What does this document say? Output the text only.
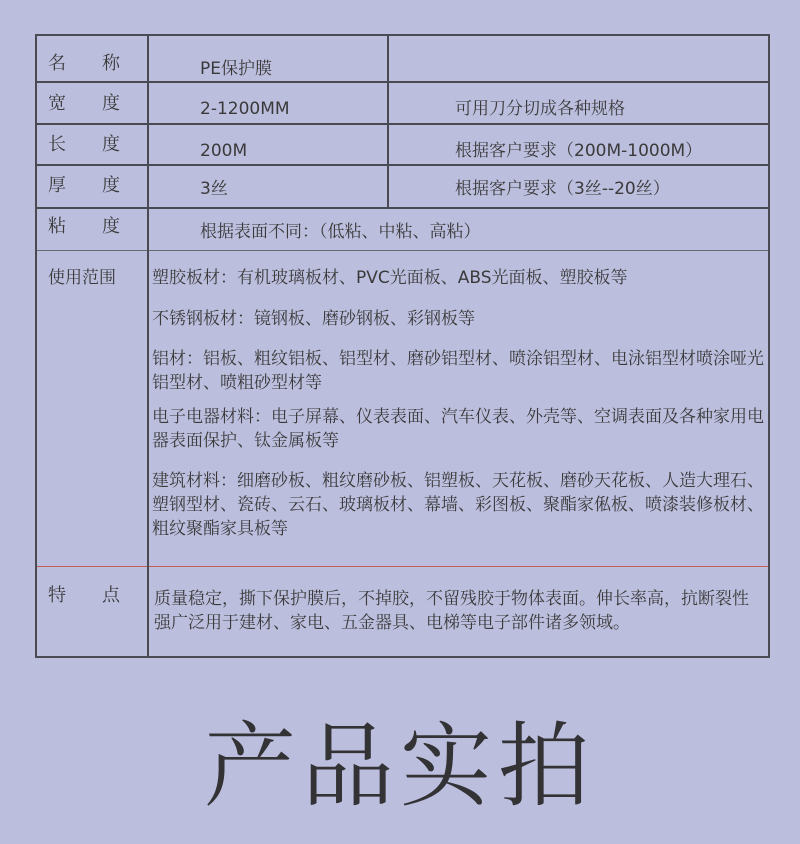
名 称	PE保护膜
宽 度	2-1200MM	可用刀分切成各种规格
长 度	200M	根据客户要求（200M-1000M）
厚 度	3丝	根据客户要求（3丝--20丝）
粘 度	根据表面不同：（低粘、中粘、高粘）
使用范围 塑胶板材：有机玻璃板材、PVC光面板、ABS光面板、塑胶板等
不锈钢板材：镜钢板、磨砂钢板、彩钢板等
铝材：铝板、粗纹铝板、铝型材、磨砂铝型材、喷涂铝型材、电泳铝型材喷涂哑光铝型材、喷粗砂型材等
电子电器材料：电子屏幕、仪表表面、汽车仪表、外壳等、空调表面及各种家用电器表面保护、钛金属板等
建筑材料：细磨砂板、粗纹磨砂板、铝塑板、天花板、磨砂天花板、人造大理石、塑钢型材、瓷砖、云石、玻璃板材、幕墙、彩图板、聚酯家俬板、喷漆装修板材、粗纹聚酯家具板等
特 点 质量稳定，撕下保护膜后，不掉胶，不留残胶于物体表面。伸长率高，抗断裂性强广泛用于建材、家电、五金器具、电梯等电子部件诸多领域。
产品实拍
